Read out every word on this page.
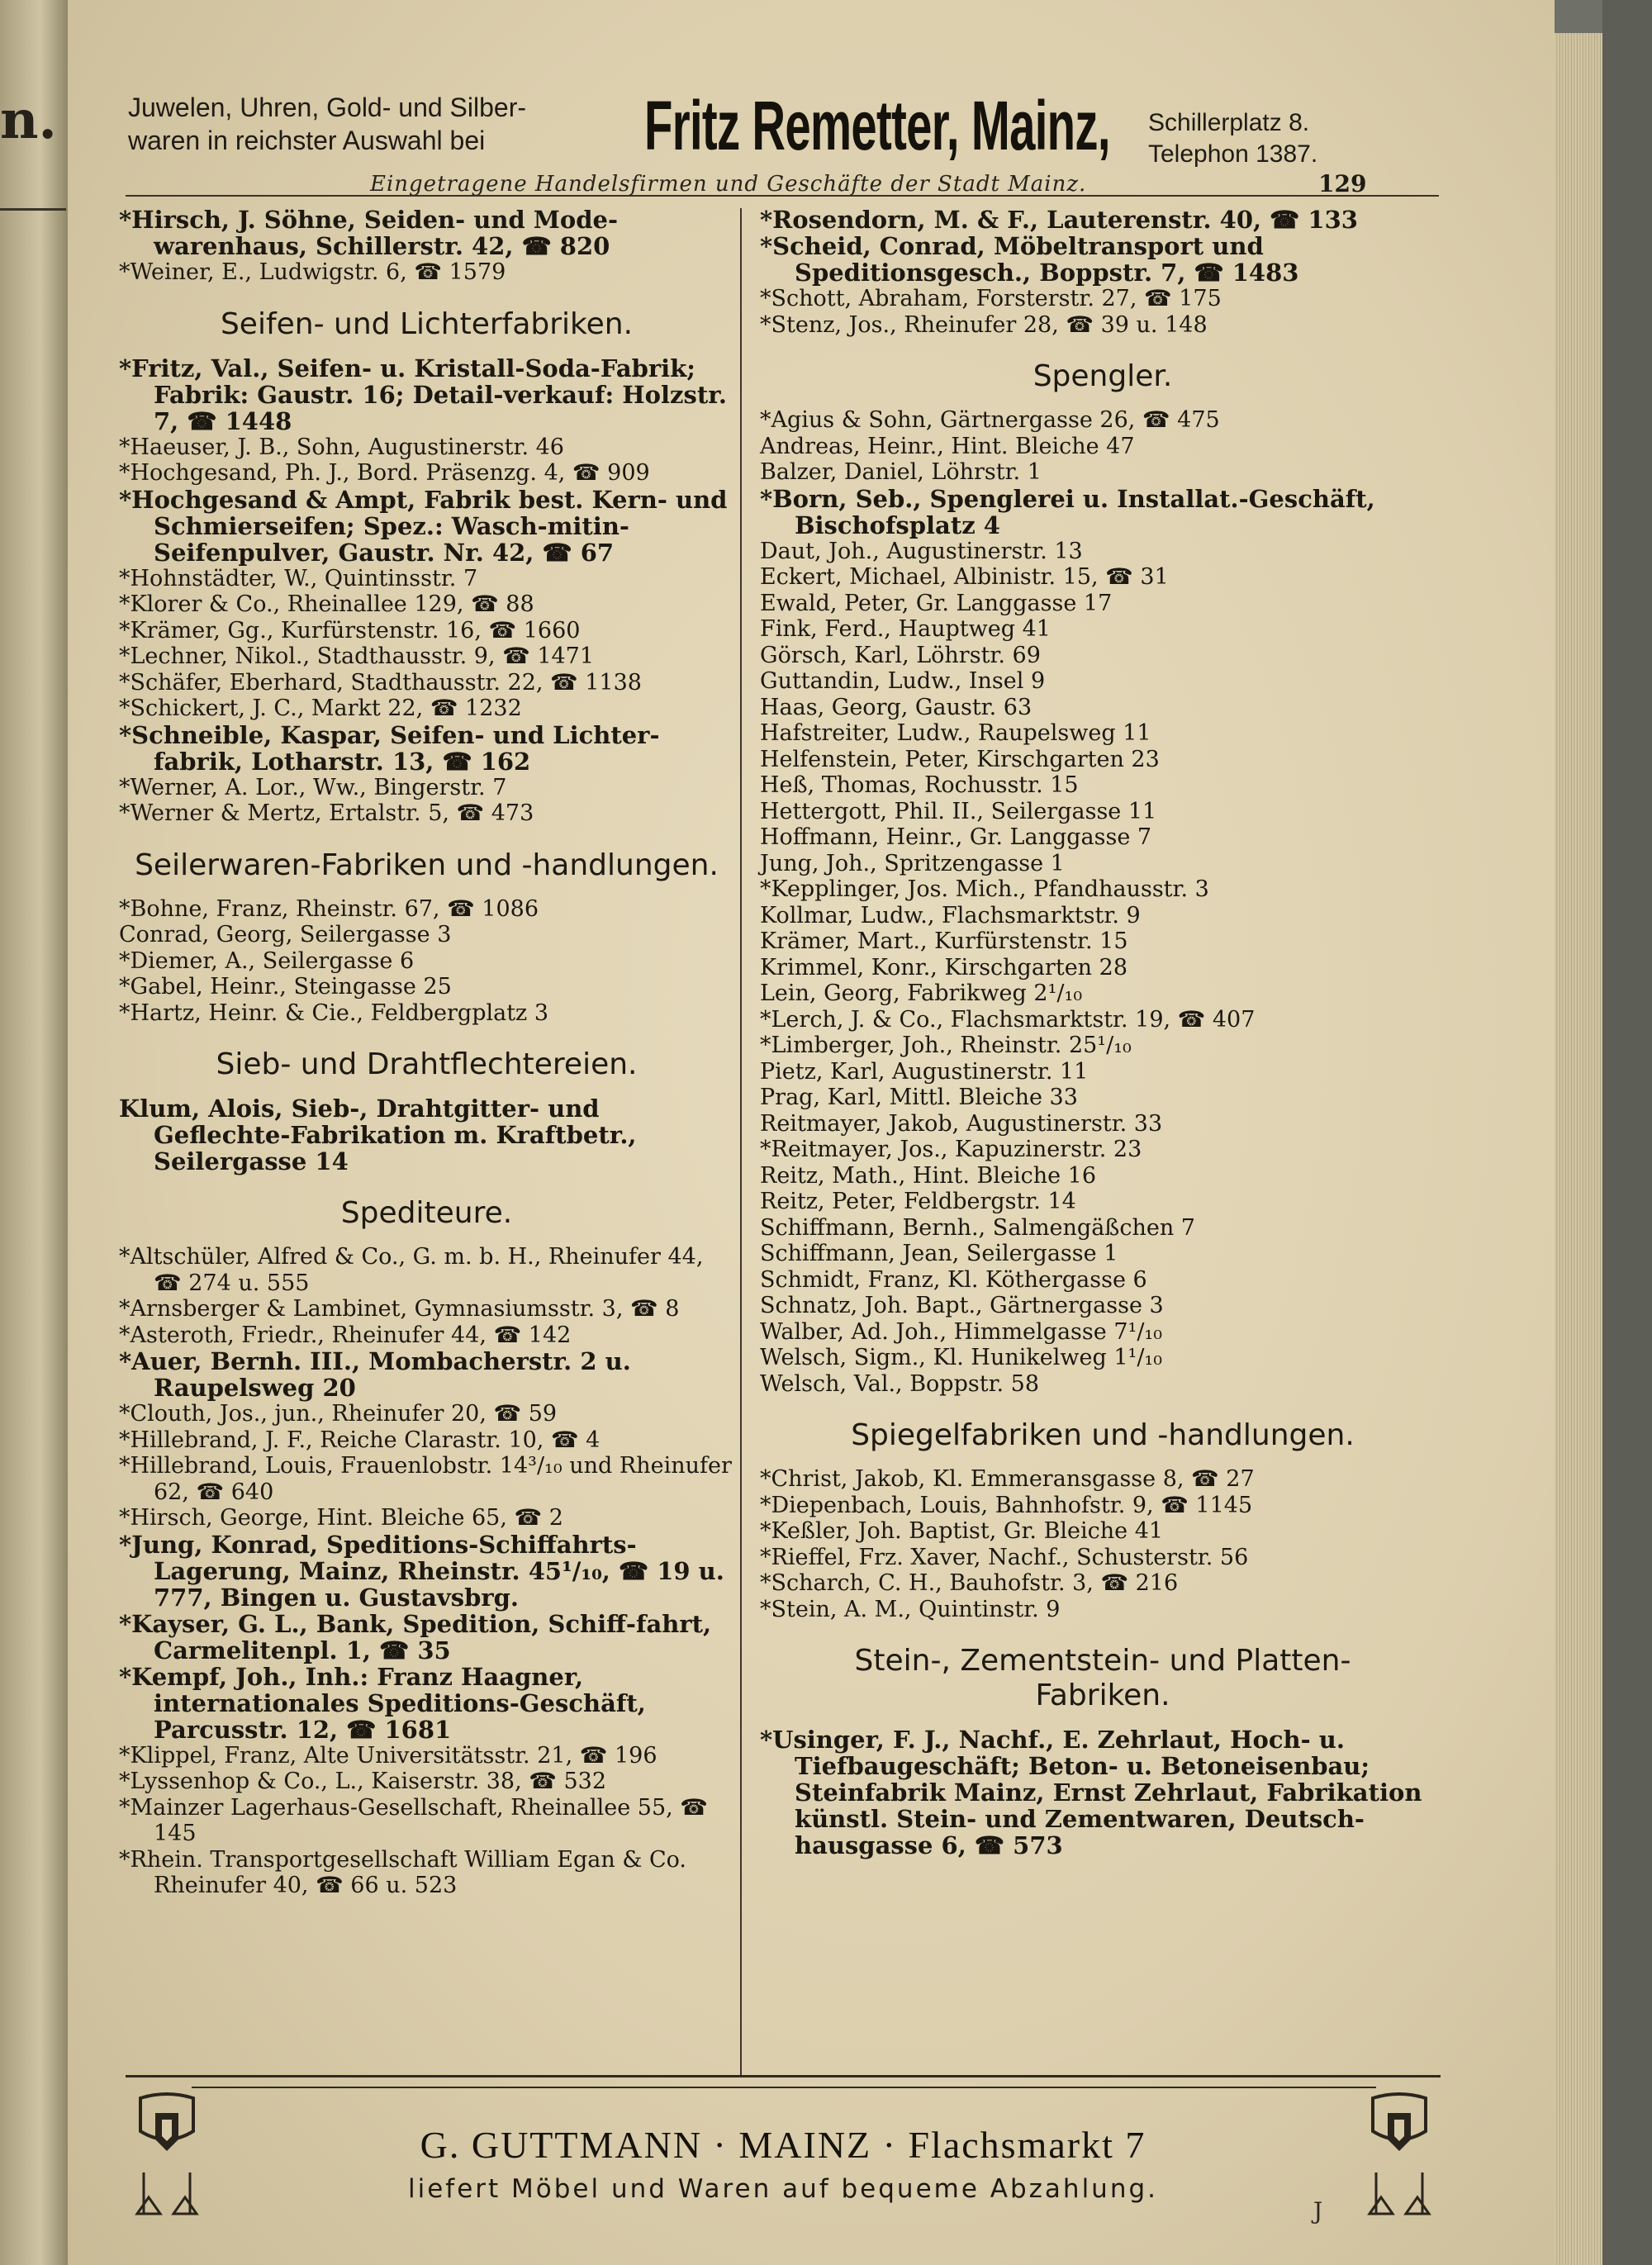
n.	Juwelen, Uhren, Gold- und Silber-
waren in reichster Auswahl bei	Fritz Remetter, Mainz, Schillerplatz 8.
Telephon 1387.
Eingetragene Handelsfirmen und Geschäfte der Stadt Mainz.	129
*Hirsch, J. Söhne, Seiden- und Modewarenhaus, Schillerstr. 42, ☎ 820
*Weiner, E., Ludwigstr. 6, ☎ 1579
Seifen- und Lichterfabriken.
*Fritz, Val., Seifen- u. Kristall-Soda-Fabrik; Fabrik: Gaustr. 16; Detail-verkauf: Holzstr. 7, ☎ 1448
*Haeuser, J. B., Sohn, Augustinerstr. 46
*Hochgesand, Ph. J., Bord. Präsenzg. 4, ☎ 909
*Hochgesand & Ampt, Fabrik best. Kern- und Schmierseifen; Spez.: Wasch-mitin-Seifenpulver, Gaustr. Nr. 42, ☎ 67
*Hohnstädter, W., Quintinsstr. 7
*Klorer & Co., Rheinallee 129, ☎ 88
*Krämer, Gg., Kurfürstenstr. 16, ☎ 1660
*Lechner, Nikol., Stadthausstr. 9, ☎ 1471
*Schäfer, Eberhard, Stadthausstr. 22, ☎ 1138
*Schickert, J. C., Markt 22, ☎ 1232
*Schneible, Kaspar, Seifen- und Lichter-fabrik, Lotharstr. 13, ☎ 162
*Werner, A. Lor., Ww., Bingerstr. 7
*Werner & Mertz, Ertalstr. 5, ☎ 473
Seilerwaren-Fabriken und -handlungen.
*Bohne, Franz, Rheinstr. 67, ☎ 1086
Conrad, Georg, Seilergasse 3
*Diemer, A., Seilergasse 6
*Gabel, Heinr., Steingasse 25
*Hartz, Heinr. & Cie., Feldbergplatz 3
Sieb- und Drahtflechtereien.
Klum, Alois, Sieb-, Drahtgitter- und Geflechte-Fabrikation m. Kraftbetr., Seilergasse 14
Spediteure.
*Altschüler, Alfred & Co., G. m. b. H., Rheinufer 44, ☎ 274 u. 555
*Arnsberger & Lambinet, Gymnasiumsstr. 3, ☎ 8
*Asteroth, Friedr., Rheinufer 44, ☎ 142
*Auer, Bernh. III., Mombacherstr. 2 u. Raupelsweg 20
*Clouth, Jos., jun., Rheinufer 20, ☎ 59
*Hillebrand, J. F., Reiche Clarastr. 10, ☎ 4
*Hillebrand, Louis, Frauenlobstr. 14³/₁₀ und Rheinufer 62, ☎ 640
*Hirsch, George, Hint. Bleiche 65, ☎ 2
*Jung, Konrad, Speditions-Schiffahrts-Lagerung, Mainz, Rheinstr. 45¹/₁₀, ☎ 19 u. 777, Bingen u. Gustavsbrg.
*Kayser, G. L., Bank, Spedition, Schiff-fahrt, Carmelitenpl. 1, ☎ 35
*Kempf, Joh., Inh.: Franz Haagner, internationales Speditions-Geschäft, Parcusstr. 12, ☎ 1681
*Klippel, Franz, Alte Universitätsstr. 21, ☎ 196
*Lyssenhop & Co., L., Kaiserstr. 38, ☎ 532
*Mainzer Lagerhaus-Gesellschaft, Rheinallee 55, ☎ 145
*Rhein. Transportgesellschaft William Egan & Co. Rheinufer 40, ☎ 66 u. 523
*Rosendorn, M. & F., Lauterenstr. 40, ☎ 133
*Scheid, Conrad, Möbeltransport und Speditionsgesch., Boppstr. 7, ☎ 1483
*Schott, Abraham, Forsterstr. 27, ☎ 175
*Stenz, Jos., Rheinufer 28, ☎ 39 u. 148
Spengler.
*Agius & Sohn, Gärtnergasse 26, ☎ 475
Andreas, Heinr., Hint. Bleiche 47
Balzer, Daniel, Löhrstr. 1
*Born, Seb., Spenglerei u. Installat.-Geschäft, Bischofsplatz 4
Daut, Joh., Augustinerstr. 13
Eckert, Michael, Albinistr. 15, ☎ 31
Ewald, Peter, Gr. Langgasse 17
Fink, Ferd., Hauptweg 41
Görsch, Karl, Löhrstr. 69
Guttandin, Ludw., Insel 9
Haas, Georg, Gaustr. 63
Hafstreiter, Ludw., Raupelsweg 11
Helfenstein, Peter, Kirschgarten 23
Heß, Thomas, Rochusstr. 15
Hettergott, Phil. II., Seilergasse 11
Hoffmann, Heinr., Gr. Langgasse 7
Jung, Joh., Spritzengasse 1
*Kepplinger, Jos. Mich., Pfandhausstr. 3
Kollmar, Ludw., Flachsmarktstr. 9
Krämer, Mart., Kurfürstenstr. 15
Krimmel, Konr., Kirschgarten 28
Lein, Georg, Fabrikweg 2¹/₁₀
*Lerch, J. & Co., Flachsmarktstr. 19, ☎ 407
*Limberger, Joh., Rheinstr. 25¹/₁₀
Pietz, Karl, Augustinerstr. 11
Prag, Karl, Mittl. Bleiche 33
Reitmayer, Jakob, Augustinerstr. 33
*Reitmayer, Jos., Kapuzinerstr. 23
Reitz, Math., Hint. Bleiche 16
Reitz, Peter, Feldbergstr. 14
Schiffmann, Bernh., Salmengäßchen 7
Schiffmann, Jean, Seilergasse 1
Schmidt, Franz, Kl. Köthergasse 6
Schnatz, Joh. Bapt., Gärtnergasse 3
Walber, Ad. Joh., Himmelgasse 7¹/₁₀
Welsch, Sigm., Kl. Hunikelweg 1¹/₁₀
Welsch, Val., Boppstr. 58
Spiegelfabriken und -handlungen.
*Christ, Jakob, Kl. Emmeransgasse 8, ☎ 27
*Diepenbach, Louis, Bahnhofstr. 9, ☎ 1145
*Keßler, Joh. Baptist, Gr. Bleiche 41
*Rieffel, Frz. Xaver, Nachf., Schusterstr. 56
*Scharch, C. H., Bauhofstr. 3, ☎ 216
*Stein, A. M., Quintinstr. 9
Stein-, Zementstein- und Platten-
Fabriken.
*Usinger, F. J., Nachf., E. Zehrlaut, Hoch- u. Tiefbaugeschäft; Beton- u. Betoneisenbau; Steinfabrik Mainz, Ernst Zehrlaut, Fabrikation künstl. Stein- und Zementwaren, Deutsch-hausgasse 6, ☎ 573
G. GUTTMANN · MAINZ · Flachsmarkt 7
liefert Möbel und Waren auf bequeme Abzahlung.
J
